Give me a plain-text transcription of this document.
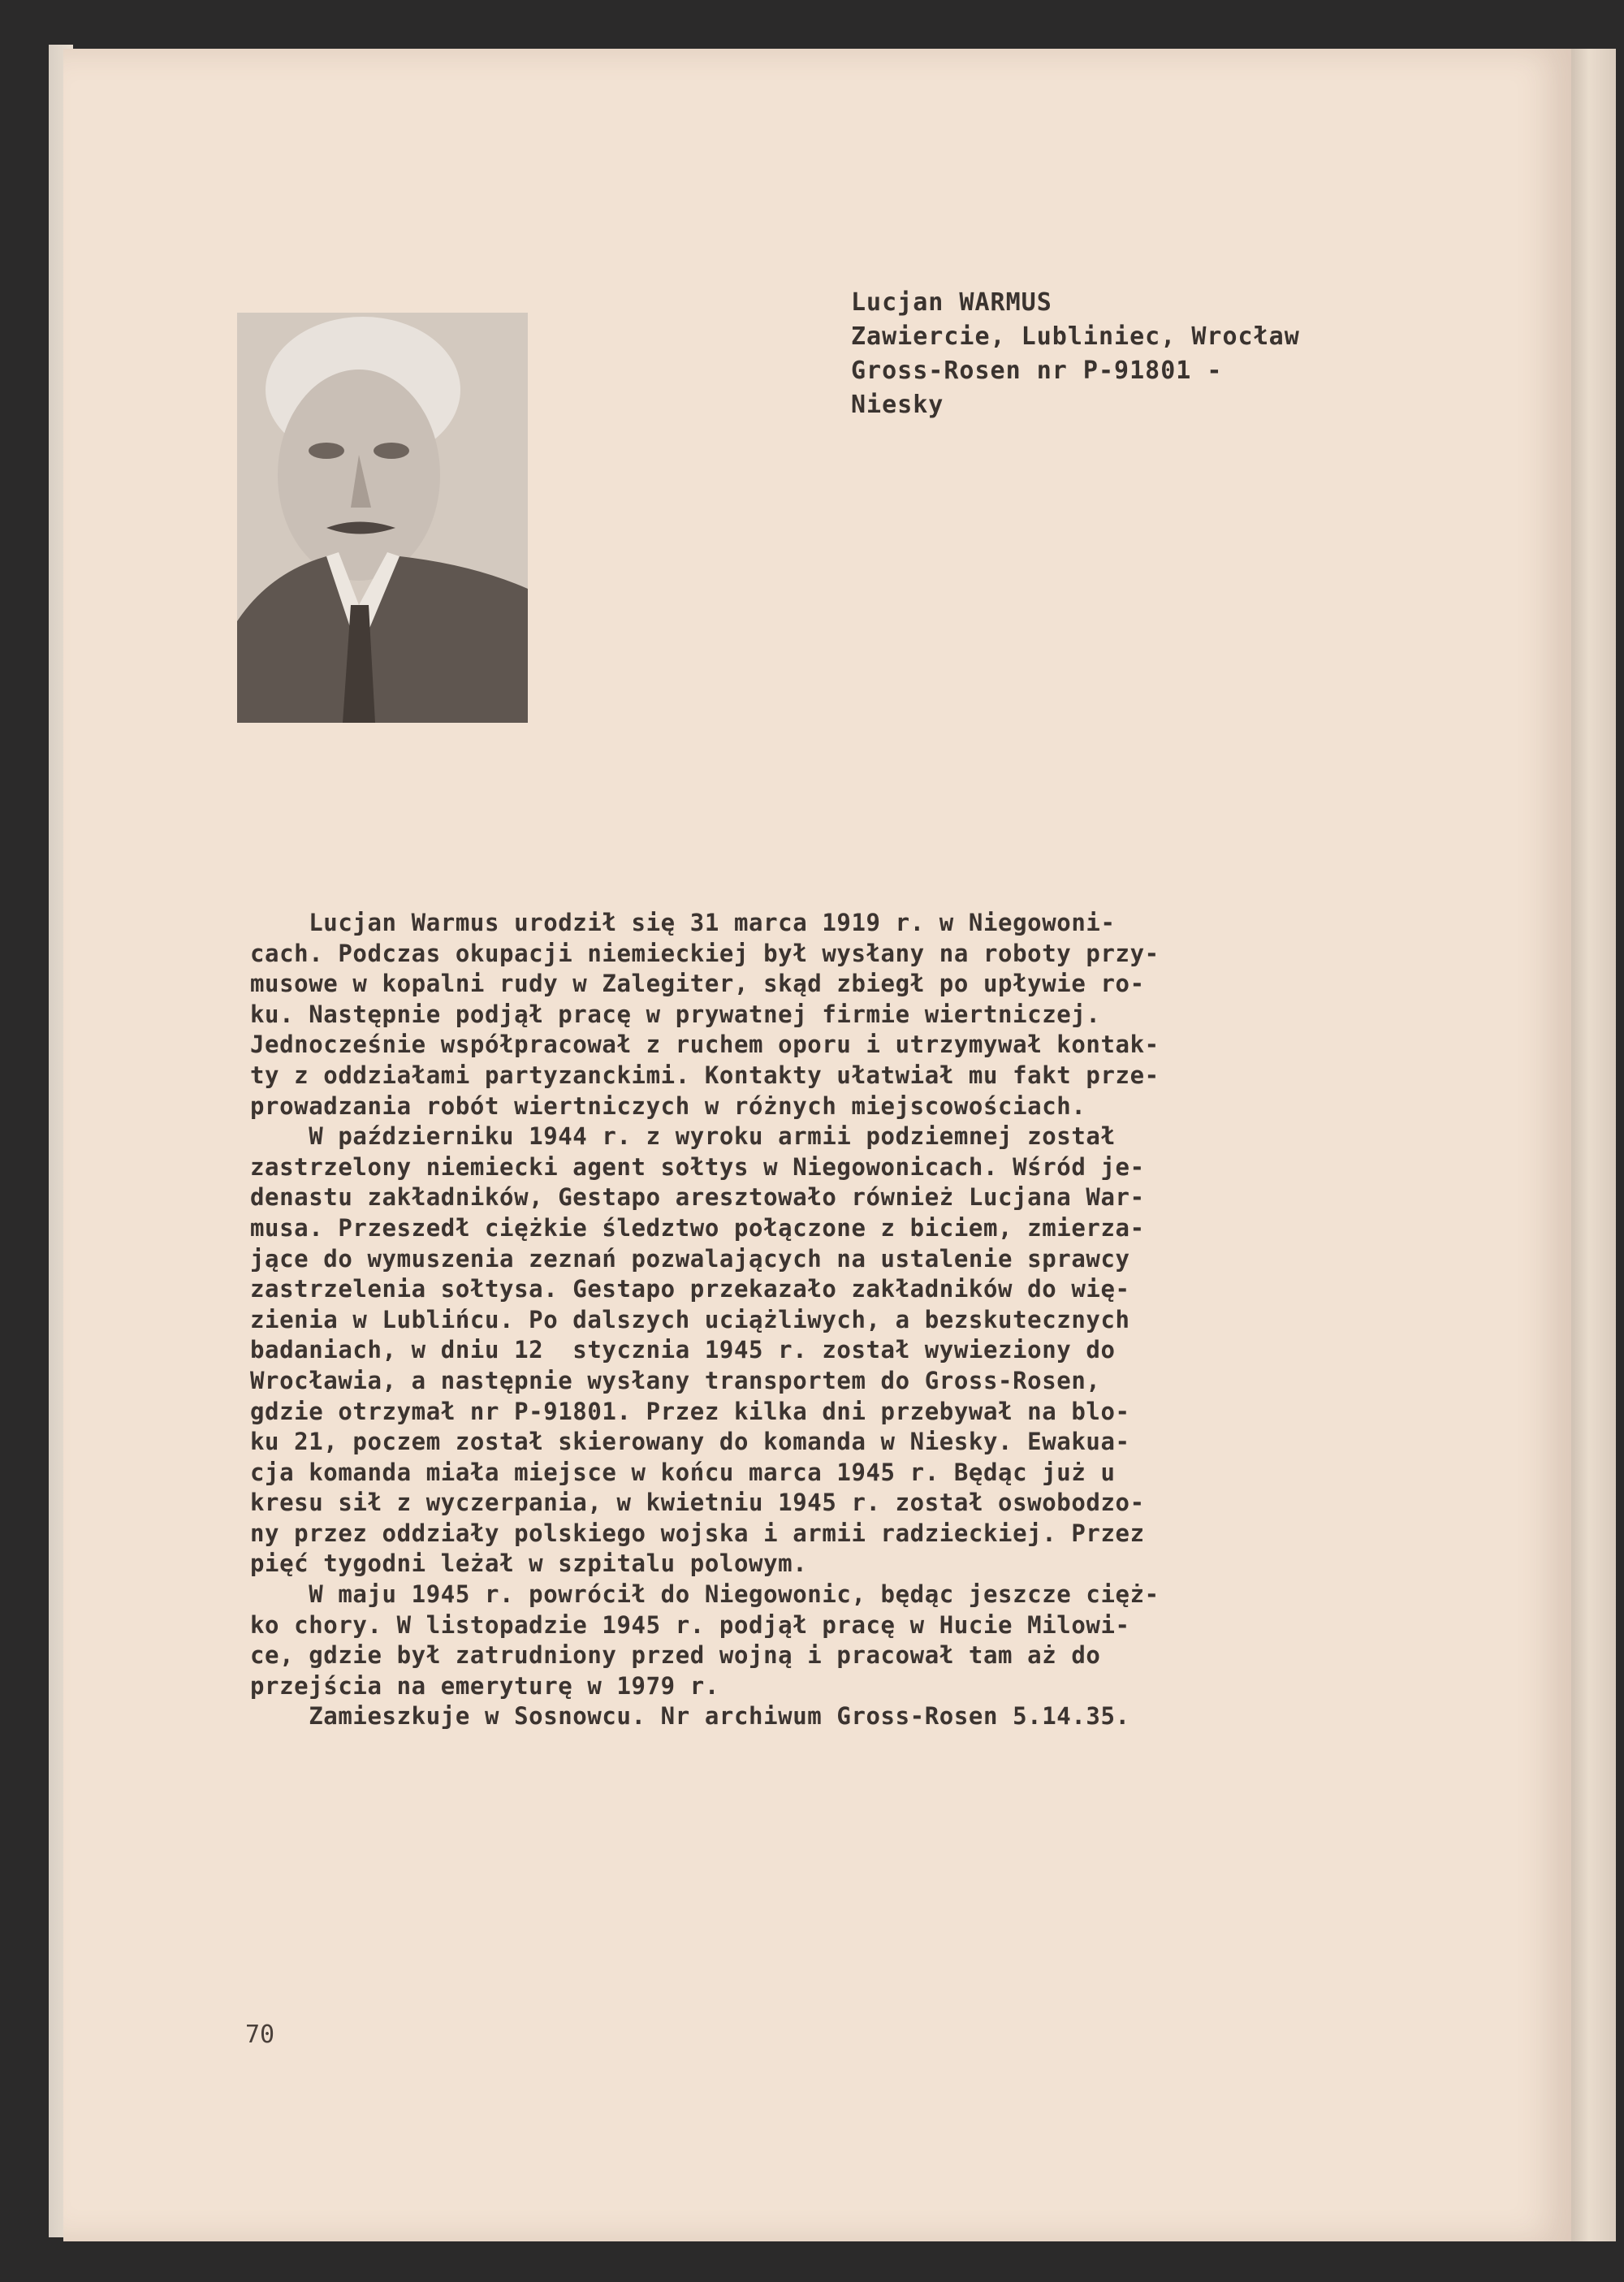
Lucjan WARMUS
Zawiercie, Lubliniec, Wrocław
Gross-Rosen nr P-91801 -
Niesky
Lucjan Warmus urodził się 31 marca 1919 r. w Niegowoni-
cach. Podczas okupacji niemieckiej był wysłany na roboty przy-
musowe w kopalni rudy w Zalegiter, skąd zbiegł po upływie ro-
ku. Następnie podjął pracę w prywatnej firmie wiertniczej.
Jednocześnie współpracował z ruchem oporu i utrzymywał kontak-
ty z oddziałami partyzanckimi. Kontakty ułatwiał mu fakt prze-
prowadzania robót wiertniczych w różnych miejscowościach.
W październiku 1944 r. z wyroku armii podziemnej został
zastrzelony niemiecki agent sołtys w Niegowonicach. Wśród je-
denastu zakładników, Gestapo aresztowało również Lucjana War-
musa. Przeszedł ciężkie śledztwo połączone z biciem, zmierza-
jące do wymuszenia zeznań pozwalających na ustalenie sprawcy
zastrzelenia sołtysa. Gestapo przekazało zakładników do wię-
zienia w Lublińcu. Po dalszych uciążliwych, a bezskutecznych
badaniach, w dniu 12  stycznia 1945 r. został wywieziony do
Wrocławia, a następnie wysłany transportem do Gross-Rosen,
gdzie otrzymał nr P-91801. Przez kilka dni przebywał na blo-
ku 21, poczem został skierowany do komanda w Niesky. Ewakua-
cja komanda miała miejsce w końcu marca 1945 r. Będąc już u
kresu sił z wyczerpania, w kwietniu 1945 r. został oswobodzo-
ny przez oddziały polskiego wojska i armii radzieckiej. Przez
pięć tygodni leżał w szpitalu polowym.
W maju 1945 r. powrócił do Niegowonic, będąc jeszcze cięż-
ko chory. W listopadzie 1945 r. podjął pracę w Hucie Milowi-
ce, gdzie był zatrudniony przed wojną i pracował tam aż do
przejścia na emeryturę w 1979 r.
Zamieszkuje w Sosnowcu. Nr archiwum Gross-Rosen 5.14.35.
70
